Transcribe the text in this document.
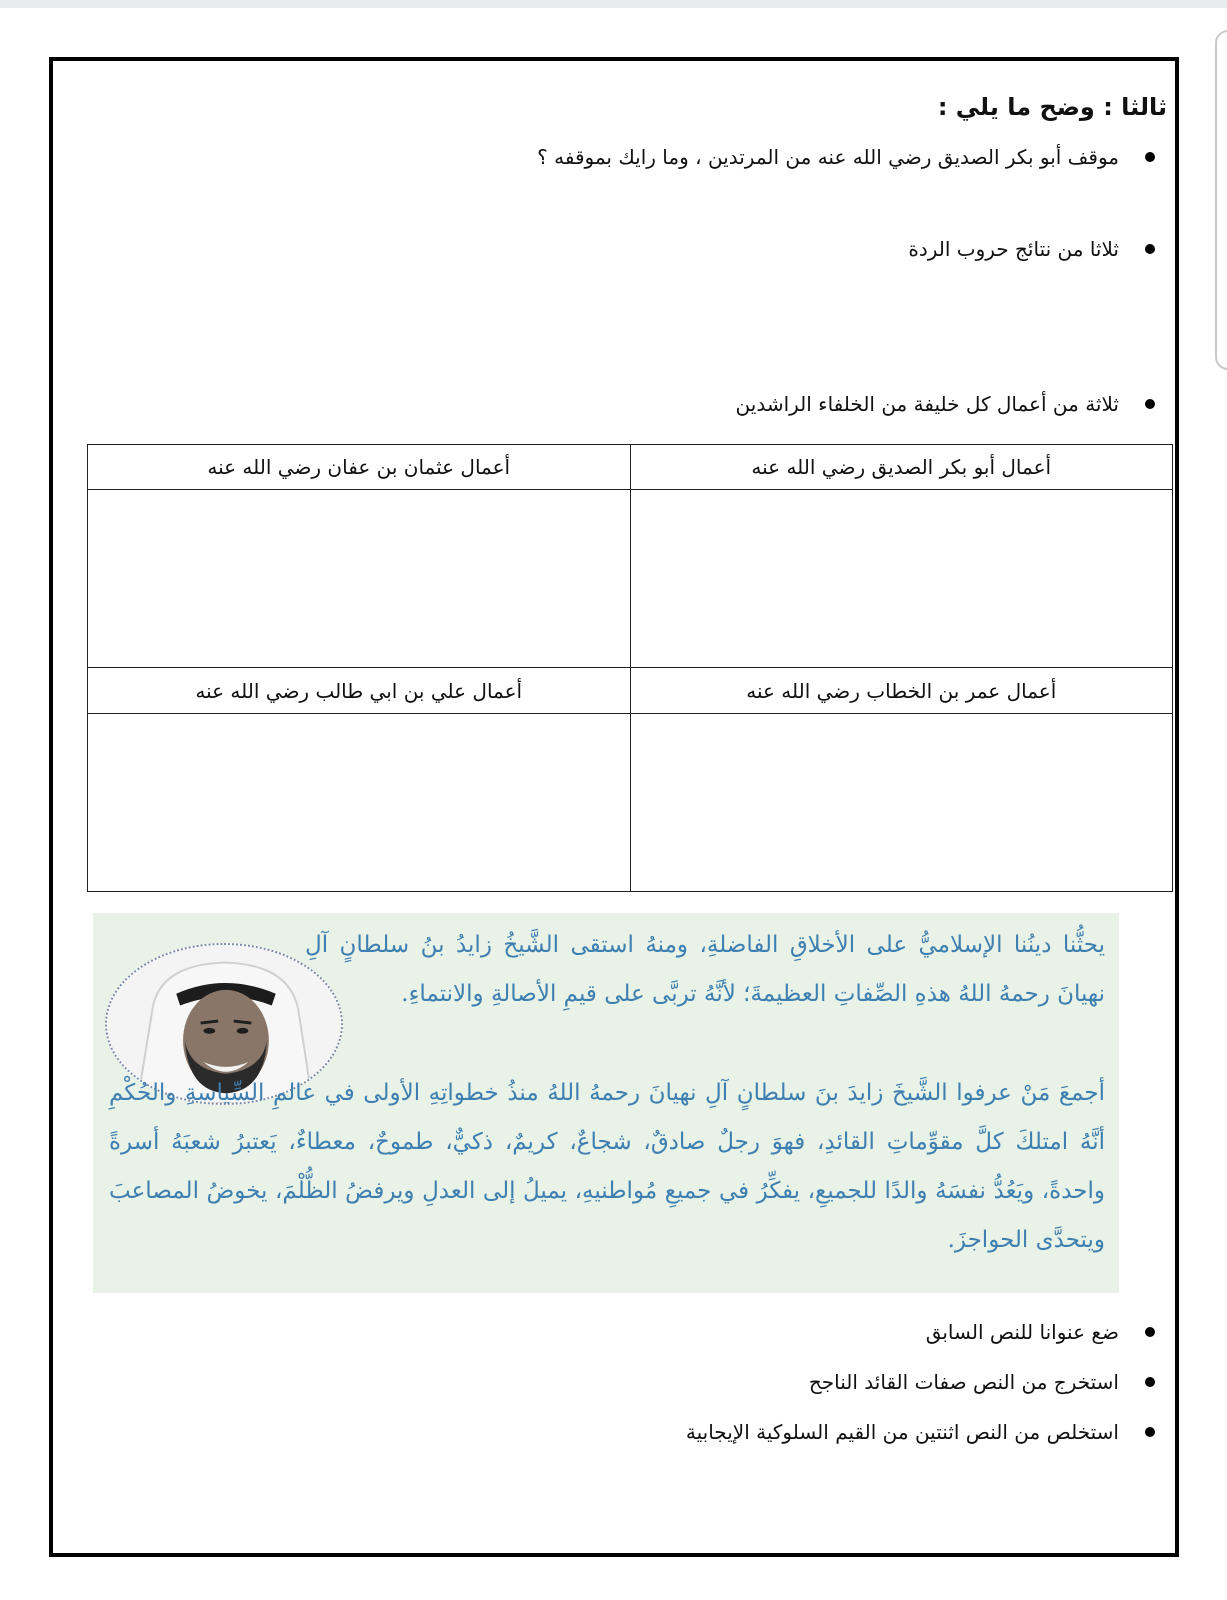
ثالثا : وضح ما يلي :
موقف أبو بكر الصديق رضي الله عنه من المرتدين ، وما رايك بموقفه ؟
ثلاثا من نتائج حروب الردة
ثلاثة من أعمال كل خليفة من الخلفاء الراشدين
أعمال أبو بكر الصديق رضي الله عنه	أعمال عثمان بن عفان رضي الله عنه

أعمال عمر بن الخطاب رضي الله عنه	أعمال علي بن ابي طالب رضي الله عنه

يحثُّنا دينُنا الإسلاميُّ على الأخلاقِ الفاضلةِ، ومنهُ استقى الشَّيخُ زايدُ بنُ سلطانٍ آلِ نهيانَ رحمهُ اللهُ هذهِ الصِّفاتِ العظيمةَ؛ لأنَّهُ تربَّى على قيمِ الأصالةِ والانتماءِ.

أجمعَ مَنْ عرفوا الشَّيخَ زايدَ بنَ سلطانٍ آلِ نهيانَ رحمهُ اللهُ منذُ خطواتِهِ الأولى في عالمِ السِّياسةِ والحُكْمِ أنَّهُ امتلكَ كلَّ مقوِّماتِ القائدِ، فهوَ رجلٌ صادقٌ، شجاعٌ، كريمٌ، ذكيٌّ، طموحٌ، معطاءٌ، يَعتبرُ شعبَهُ أسرةً واحدةً، ويَعُدُّ نفسَهُ والدًا للجميعِ، يفكِّرُ في جميعِ مُواطنيهِ، يميلُ إلى العدلِ ويرفضُ الظُّلْمَ، يخوضُ المصاعبَ ويتحدَّى الحواجزَ.

ضع عنوانا للنص السابق
استخرج من النص صفات القائد الناجح
استخلص من النص اثنتين من القيم السلوكية الإيجابية
